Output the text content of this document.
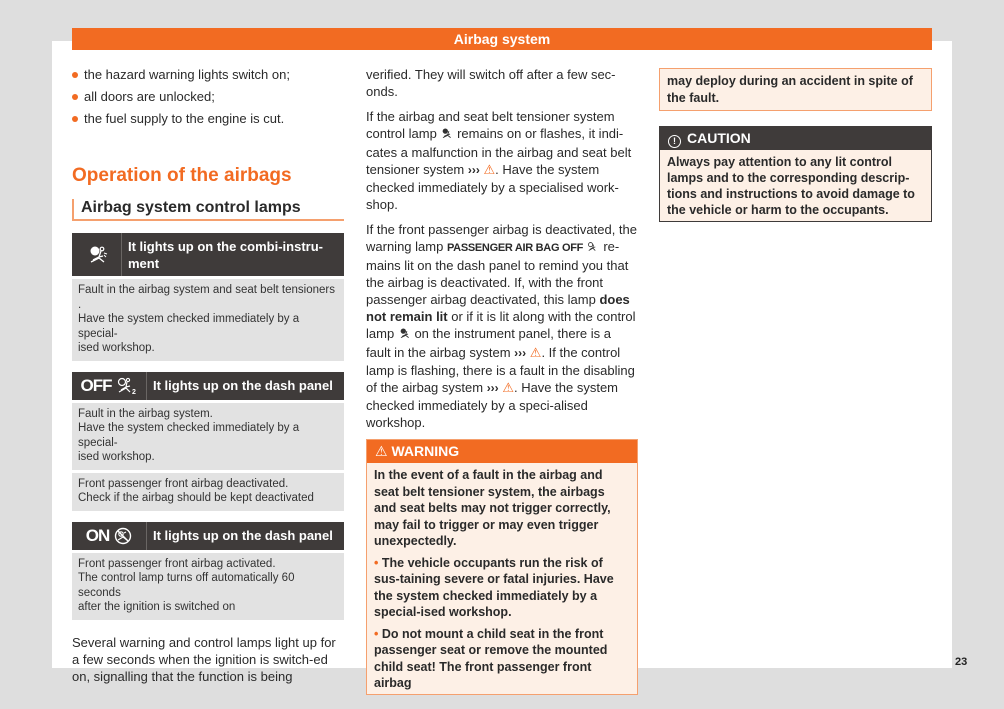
Airbag system
the hazard warning lights switch on;
all doors are unlocked;
the fuel supply to the engine is cut.
Operation of the airbags
Airbag system control lamps
It lights up on the combi-instru-ment
Fault in the airbag system and seat belt tensioners .
Have the system checked immediately by a special-
ised workshop.
OFF	2	It lights up on the dash panel
Fault in the airbag system.
Have the system checked immediately by a special-
ised workshop.
Front passenger front airbag deactivated.
Check if the airbag should be kept deactivated
ON	It lights up on the dash panel
Front passenger front airbag activated.
The control lamp turns off automatically 60 seconds
after the ignition is switched on

Several warning and control lamps light up for a few seconds when the ignition is switch-ed on, signalling that the function is being

verified. They will switch off after a few sec-onds.

If the airbag and seat belt tensioner system control lamp remains on or flashes, it indi-cates a malfunction in the airbag and seat belt tensioner system ››› ⚠. Have the system checked immediately by a specialised work-shop.

If the front passenger airbag is deactivated, the warning lamp PASSENGER AIR BAG OFF re-mains lit on the dash panel to remind you that the airbag is deactivated. If, with the front passenger airbag deactivated, this lamp does not remain lit or if it is lit along with the control lamp on the instrument panel, there is a fault in the airbag system ››› ⚠. If the control lamp is flashing, there is a fault in the disabling of the airbag system ››› ⚠. Have the system checked immediately by a speci-alised workshop.

⚠ WARNING

In the event of a fault in the airbag and seat belt tensioner system, the airbags and seat belts may not trigger correctly, may fail to trigger or may even trigger unexpectedly.

• The vehicle occupants run the risk of sus-taining severe or fatal injuries. Have the system checked immediately by a special-ised workshop.

• Do not mount a child seat in the front passenger seat or remove the mounted child seat! The front passenger front airbag

may deploy during an accident in spite of the fault.
! CAUTION
Always pay attention to any lit control lamps and to the corresponding descrip-tions and instructions to avoid damage to the vehicle or harm to the occupants.
23
